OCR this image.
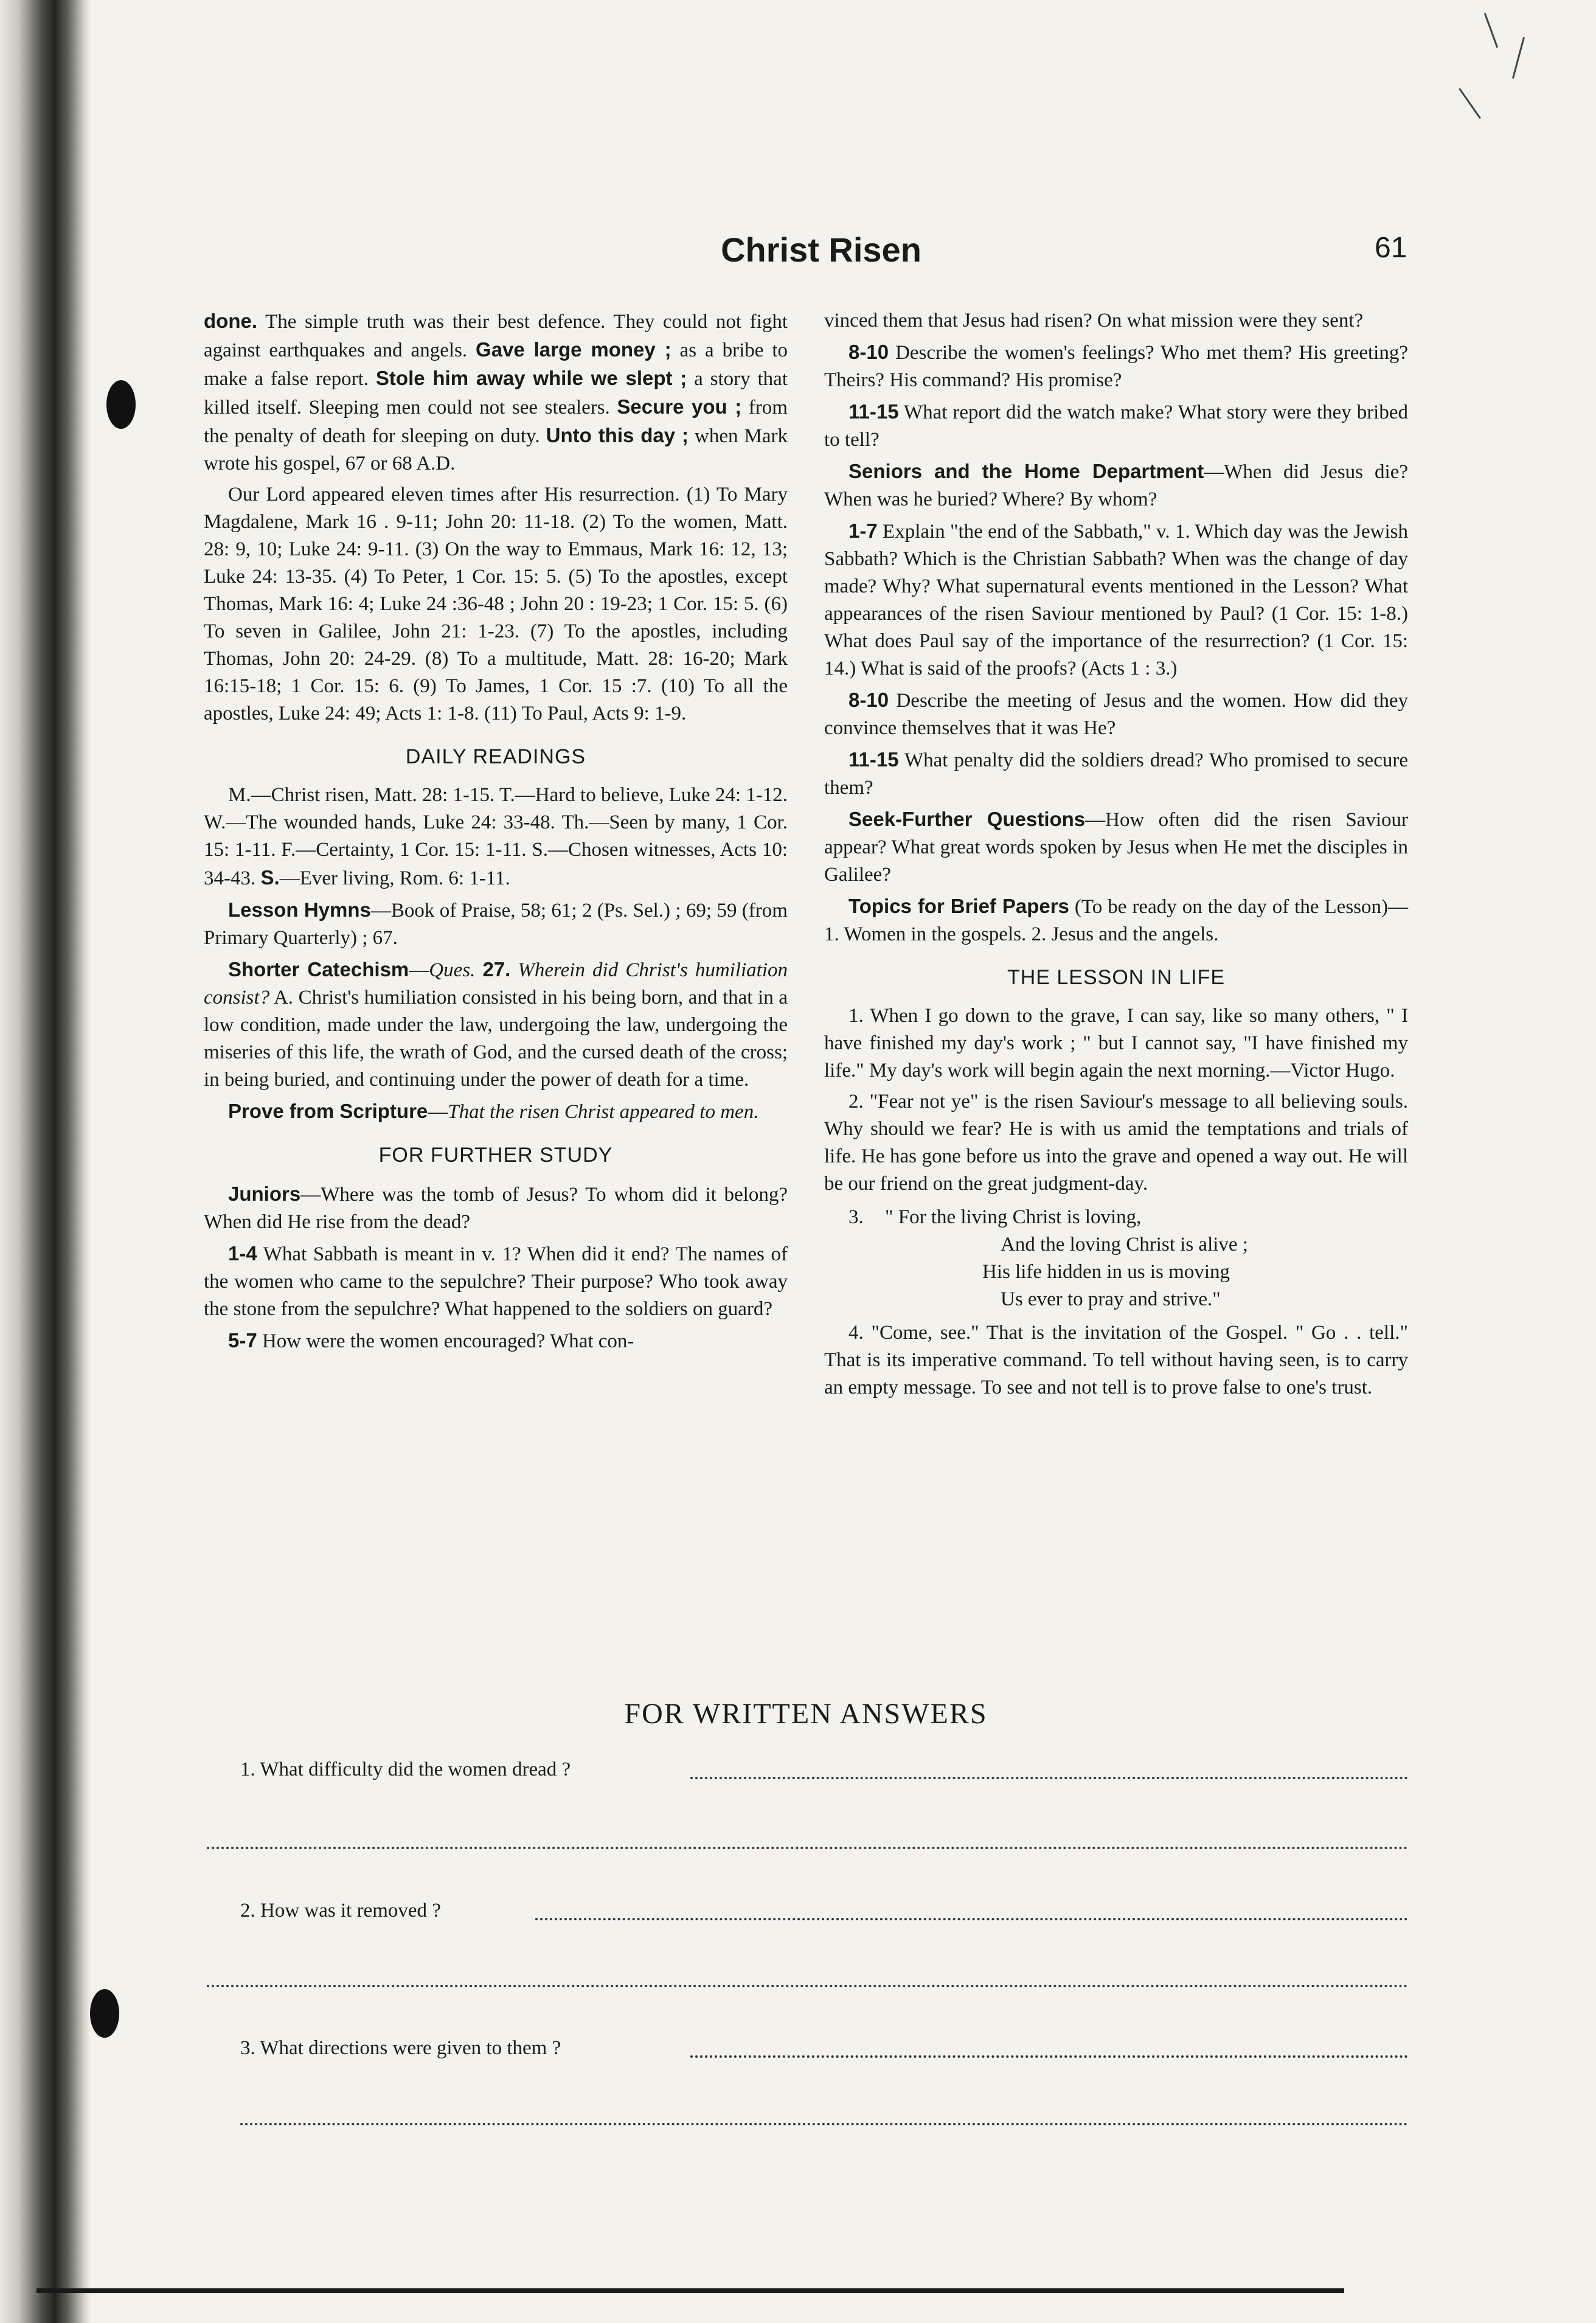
Christ Risen	61

done. The simple truth was their best defence. They could not fight against earthquakes and angels. Gave large money ; as a bribe to make a false report. Stole him away while we slept ; a story that killed itself. Sleeping men could not see stealers. Secure you ; from the penalty of death for sleeping on duty. Unto this day ; when Mark wrote his gospel, 67 or 68 A.D.

Our Lord appeared eleven times after His resurrection. (1) To Mary Magdalene, Mark 16 . 9-11; John 20: 11-18. (2) To the women, Matt. 28: 9, 10; Luke 24: 9-11. (3) On the way to Emmaus, Mark 16: 12, 13; Luke 24: 13-35. (4) To Peter, 1 Cor. 15: 5. (5) To the apostles, except Thomas, Mark 16: 4; Luke 24 :36-48 ; John 20 : 19-23; 1 Cor. 15: 5. (6) To seven in Galilee, John 21: 1-23. (7) To the apostles, including Thomas, John 20: 24-29. (8) To a multitude, Matt. 28: 16-20; Mark 16:15-18; 1 Cor. 15: 6. (9) To James, 1 Cor. 15 :7. (10) To all the apostles, Luke 24: 49; Acts 1: 1-8. (11) To Paul, Acts 9: 1-9.

DAILY READINGS

M.—Christ risen, Matt. 28: 1-15. T.—Hard to believe, Luke 24: 1-12. W.—The wounded hands, Luke 24: 33-48. Th.—Seen by many, 1 Cor. 15: 1-11. F.—Certainty, 1 Cor. 15: 1-11. S.—Chosen witnesses, Acts 10: 34-43. S.—Ever living, Rom. 6: 1-11.

Lesson Hymns—Book of Praise, 58; 61; 2 (Ps. Sel.) ; 69; 59 (from Primary Quarterly) ; 67.

Shorter Catechism—Ques. 27. Wherein did Christ's humiliation consist? A. Christ's humiliation consisted in his being born, and that in a low condition, made under the law, undergoing the law, undergoing the miseries of this life, the wrath of God, and the cursed death of the cross; in being buried, and continuing under the power of death for a time.

Prove from Scripture—That the risen Christ appeared to men.

FOR FURTHER STUDY

Juniors—Where was the tomb of Jesus? To whom did it belong? When did He rise from the dead?

1-4 What Sabbath is meant in v. 1? When did it end? The names of the women who came to the sepulchre? Their purpose? Who took away the stone from the sepulchre? What happened to the soldiers on guard?

5-7 How were the women encouraged? What con-

vinced them that Jesus had risen? On what mission were they sent?

8-10 Describe the women's feelings? Who met them? His greeting? Theirs? His command? His promise?

11-15 What report did the watch make? What story were they bribed to tell?

Seniors and the Home Department—When did Jesus die? When was he buried? Where? By whom?

1-7 Explain "the end of the Sabbath," v. 1. Which day was the Jewish Sabbath? Which is the Christian Sabbath? When was the change of day made? Why? What supernatural events mentioned in the Lesson? What appearances of the risen Saviour mentioned by Paul? (1 Cor. 15: 1-8.) What does Paul say of the importance of the resurrection? (1 Cor. 15: 14.) What is said of the proofs? (Acts 1 : 3.)

8-10 Describe the meeting of Jesus and the women. How did they convince themselves that it was He?

11-15 What penalty did the soldiers dread? Who promised to secure them?

Seek-Further Questions—How often did the risen Saviour appear? What great words spoken by Jesus when He met the disciples in Galilee?

Topics for Brief Papers (To be ready on the day of the Lesson)—1. Women in the gospels. 2. Jesus and the angels.

THE LESSON IN LIFE

1. When I go down to the grave, I can say, like so many others, " I have finished my day's work ; " but I cannot say, "I have finished my life." My day's work will begin again the next morning.—Victor Hugo.

2. "Fear not ye" is the risen Saviour's message to all believing souls. Why should we fear? He is with us amid the temptations and trials of life. He has gone before us into the grave and opened a way out. He will be our friend on the great judgment-day.

3. " For the living Christ is loving,
And the loving Christ is alive ;
His life hidden in us is moving
Us ever to pray and strive."

4. "Come, see." That is the invitation of the Gospel. " Go . . tell." That is its imperative command. To tell without having seen, is to carry an empty message. To see and not tell is to prove false to one's trust.

FOR WRITTEN ANSWERS
1. What difficulty did the women dread ?
2. How was it removed ?
3. What directions were given to them ?
